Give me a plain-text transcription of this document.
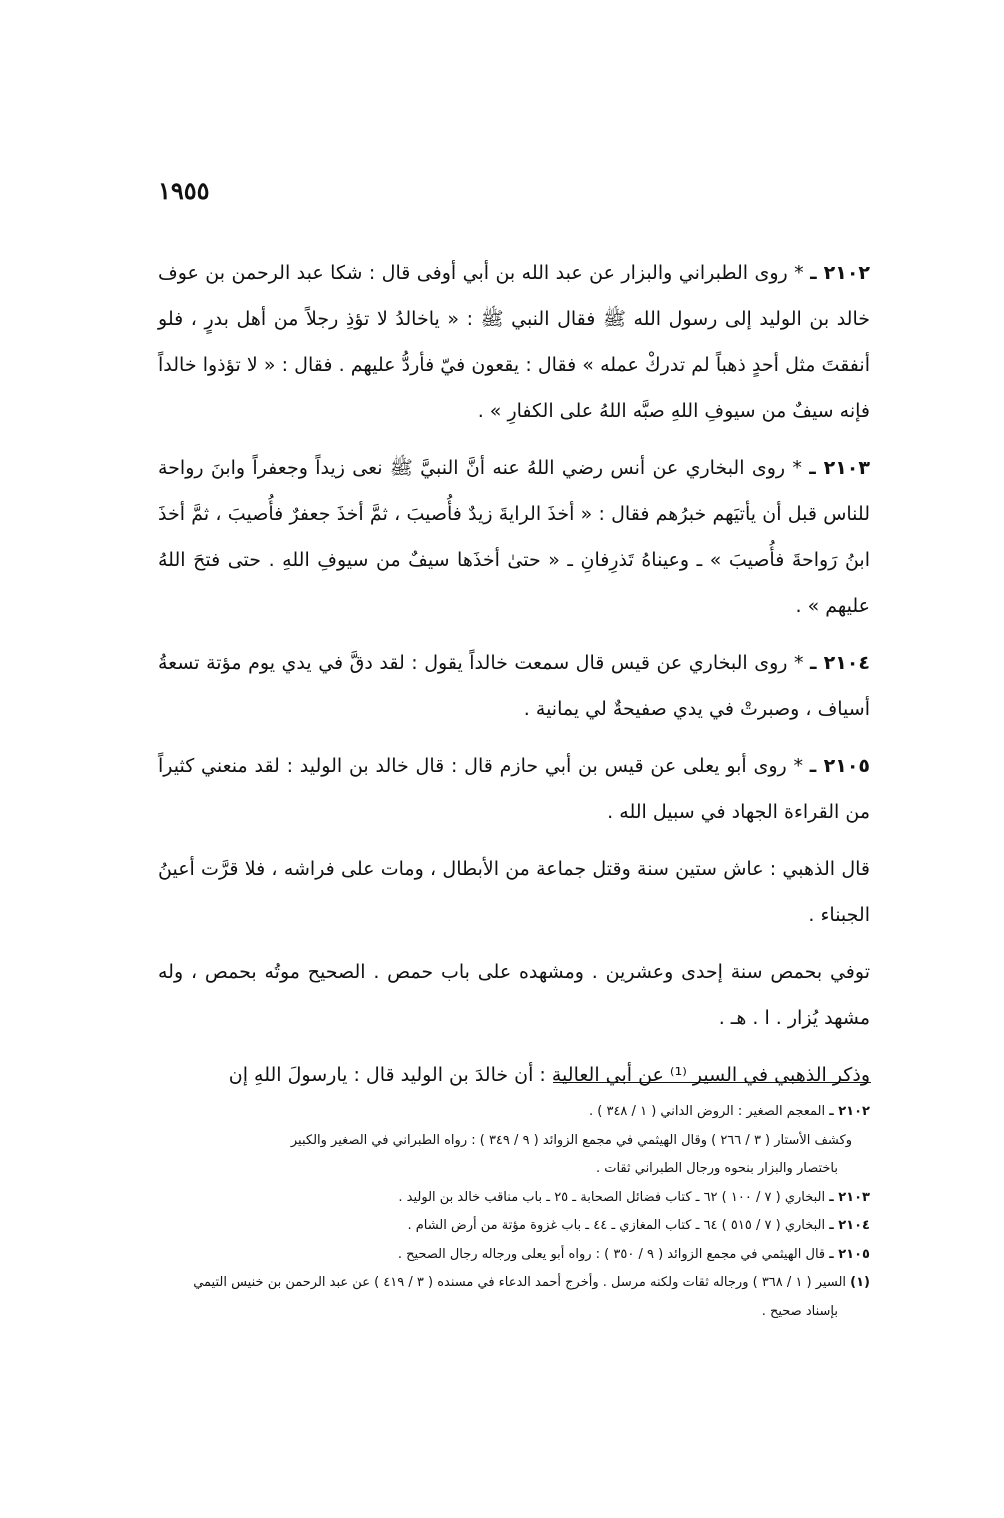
١٩٥٥

٢١٠٢ ـ * روى الطبراني والبزار عن عبد الله بن أبي أوفى قال : شكا عبد الرحمن بن عوف خالد بن الوليد إلى رسول الله ﷺ فقال النبي ﷺ : « ياخالدُ لا تؤذِ رجلاً من أهل بدرٍ ، فلو أنفقتَ مثل أحدٍ ذهباً لم تدركْ عمله » فقال : يقعون فيّ فأردُّ عليهم . فقال : « لا تؤذوا خالداً فإنه سيفٌ من سيوفِ اللهِ صبَّه اللهُ على الكفارِ » .

٢١٠٣ ـ * روى البخاري عن أنس رضي اللهُ عنه أنَّ النبيَّ ﷺ نعى زيداً وجعفراً وابنَ رواحة للناس قبل أن يأتيَهم خبرُهم فقال : « أخذَ الرايةَ زيدٌ فأُصيبَ ، ثمَّ أخذَ جعفرٌ فأُصيبَ ، ثمَّ أخذَ ابنُ رَواحةَ فأُصيبَ » ـ وعيناهُ تَذرِفانِ ـ « حتىٰ أخذَها سيفٌ من سيوفِ اللهِ . حتى فتحَ اللهُ عليهم » .

٢١٠٤ ـ * روى البخاري عن قيس قال سمعت خالداً يقول : لقد دقَّ في يدي يوم مؤتة تسعةُ أسياف ، وصبرتْ في يدي صفيحةٌ لي يمانية .

٢١٠٥ ـ * روى أبو يعلى عن قيس بن أبي حازم قال : قال خالد بن الوليد : لقد منعني كثيراً من القراءة الجهاد في سبيل الله .

قال الذهبي : عاش ستين سنة وقتل جماعة من الأبطال ، ومات على فراشه ، فلا قرَّت أعينُ الجبناء .

توفي بحمص سنة إحدى وعشرين . ومشهده على باب حمص . الصحيح موتُه بحمص ، وله مشهد يُزار . ا . هـ .

وذكر الذهبي في السير ⁽¹⁾ عن أبي العالية : أن خالدَ بن الوليد قال : يارسولَ اللهِ إن

٢١٠٢ ـ المعجم الصغير : الروض الداني ( ١ / ٣٤٨ ) .

وكشف الأستار ( ٣ / ٢٦٦ ) وقال الهيثمي في مجمع الزوائد ( ٩ / ٣٤٩ ) : رواه الطبراني في الصغير والكبير

باختصار والبزار بنحوه ورجال الطبراني ثقات .

٢١٠٣ ـ البخاري ( ٧ / ١٠٠ ) ٦٢ ـ كتاب فضائل الصحابة ـ ٢٥ ـ باب مناقب خالد بن الوليد .

٢١٠٤ ـ البخاري ( ٧ / ٥١٥ ) ٦٤ ـ كتاب المغازي ـ ٤٤ ـ باب غزوة مؤتة من أرض الشام .

٢١٠٥ ـ قال الهيثمي في مجمع الزوائد ( ٩ / ٣٥٠ ) : رواه أبو يعلى ورجاله رجال الصحيح .

(١) السير ( ١ / ٣٦٨ ) ورجاله ثقات ولكنه مرسل . وأخرج أحمد الدعاء في مسنده ( ٣ / ٤١٩ ) عن عبد الرحمن بن خنيس التيمي بإسناد صحيح .
